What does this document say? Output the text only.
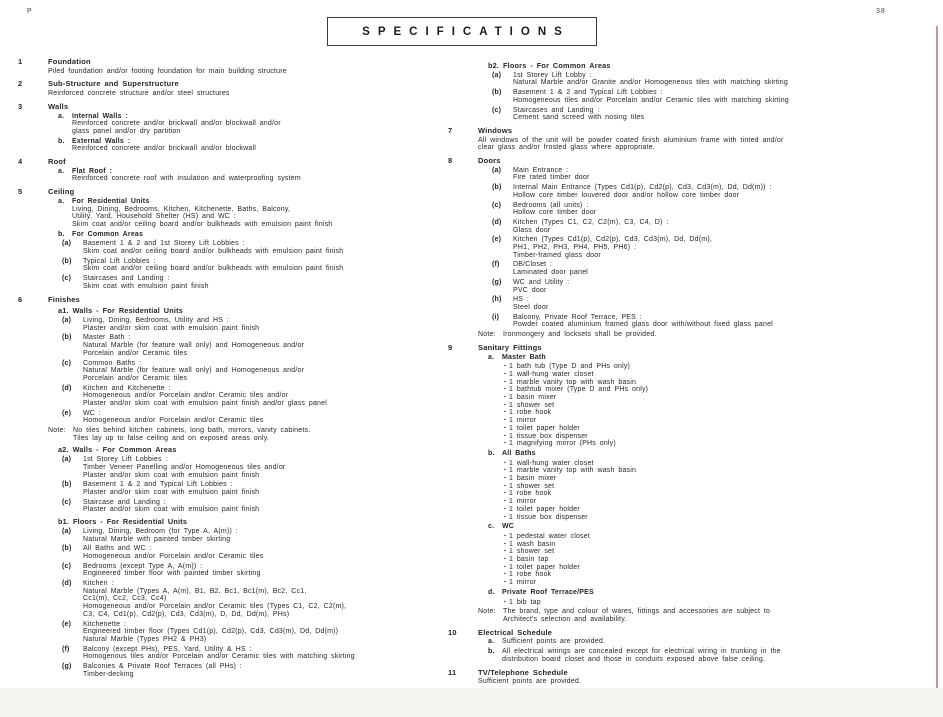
P	38
SPECIFICATIONS
1	Foundation
Piled foundation and/or footing foundation for main building structure
2	Sub-Structure and Superstructure
Reinforced concrete structure and/or steel structures
3	Walls
a.	Internal Walls :
Reinforced concrete and/or brickwall and/or blockwall and/or
glass panel and/or dry partition
b.	External Walls :
Reinforced concrete and/or brickwall and/or blockwall
4	Roof
a.	Flat Roof :
Reinforced concrete roof with insulation and waterproofing system
5	Ceiling
a.	For Residential Units
Living, Dining, Bedrooms, Kitchen, Kitchenette, Baths, Balcony,
Utility, Yard, Household Shelter (HS) and WC :
Skim coat and/or ceiling board and/or bulkheads with emulsion paint finish
b.	For Common Areas
(a)	Basement 1 & 2 and 1st Storey Lift Lobbies :
Skim coat and/or ceiling board and/or bulkheads with emulsion paint finish
(b)	Typical Lift Lobbies :
Skim coat and/or ceiling board and/or bulkheads with emulsion paint finish
(c)	Staircases and Landing :
Skim coat with emulsion paint finish
6	Finishes
a1. Walls - For Residential Units
(a)	Living, Dining, Bedrooms, Utility and HS :
Plaster and/or skim coat with emulsion paint finish
(b)	Master Bath :
Natural Marble (for feature wall only) and Homogeneous and/or
Porcelain and/or Ceramic tiles
(c)	Common Baths :
Natural Marble (for feature wall only) and Homogeneous and/or
Porcelain and/or Ceramic tiles
(d)	Kitchen and Kitchenette :
Homogeneous and/or Porcelain and/or Ceramic tiles and/or
Plaster and/or skim coat with emulsion paint finish and/or glass panel
(e)	WC :
Homogeneous and/or Porcelain and/or Ceramic tiles
Note:	No tiles behind kitchen cabinets, long bath, mirrors, vanity cabinets.
Tiles lay up to false ceiling and on exposed areas only.
a2. Walls - For Common Areas
(a)	1st Storey Lift Lobbies :
Timber Veneer Panelling and/or Homogeneous tiles and/or
Plaster and/or skim coat with emulsion paint finish
(b)	Basement 1 & 2 and Typical Lift Lobbies :
Plaster and/or skim coat with emulsion paint finish
(c)	Staircase and Landing :
Plaster and/or skim coat with emulsion paint finish
b1. Floors - For Residential Units
(a)	Living, Dining, Bedroom (for Type A, A(m)) :
Natural Marble with painted timber skirting
(b)	All Baths and WC :
Homogeneous and/or Porcelain and/or Ceramic tiles
(c)	Bedrooms (except Type A, A(m)) :
Engineered timber floor with painted timber skirting
(d)	Kitchen :
Natural Marble (Types A, A(m), B1, B2, Bc1, Bc1(m), Bc2, Cc1,
Cc1(m), Cc2, Cc3, Cc4)
Homogeneous and/or Porcelain and/or Ceramic tiles (Types C1, C2, C2(m),
C3, C4, Cd1(p), Cd2(p), Cd3, Cd3(m), D, Dd, Dd(m), PHs)
(e)	Kitchenette :
Engineered timber floor (Types Cd1(p), Cd2(p), Cd3, Cd3(m), Dd, Dd(m))
Natural Marble (Types PH2 & PH3)
(f)	Balcony (except PHs), PES, Yard, Utility & HS :
Homogenous tiles and/or Porcelain and/or Ceramic tiles with matching skirting
(g)	Balconies & Private Roof Terraces (all PHs) :
Timber-decking
b2. Floors - For Common Areas
(a)	1st Storey Lift Lobby :
Natural Marble and/or Granite and/or Homogeneous tiles with matching skirting
(b)	Basement 1 & 2 and Typical Lift Lobbies :
Homogeneous tiles and/or Porcelain and/or Ceramic tiles with matching skirting
(c)	Staircases and Landing :
Cement sand screed with nosing tiles
7	Windows
All windows of the unit will be powder coated finish aluminium frame with tinted and/or
clear glass and/or frosted glass where appropriate.
8	Doors
(a)	Main Entrance :
Fire rated timber door
(b)	Internal Main Entrance (Types Cd1(p), Cd2(p), Cd3, Cd3(m), Dd, Dd(m)) :
Hollow core timber louvered door and/or hollow core timber door
(c)	Bedrooms (all units) :
Hollow core timber door
(d)	Kitchen (Types C1, C2, C2(m), C3, C4, D) :
Glass door
(e)	Kitchen (Types Cd1(p), Cd2(p), Cd3, Cd3(m), Dd, Dd(m),
PH1, PH2, PH3, PH4, PH5, PH6) :
Timber-framed glass door
(f)	DB/Closet :
Laminated door panel
(g)	WC and Utility :
PVC door
(h)	HS :
Steel door
(i)	Balcony, Private Roof Terrace, PES :
Powder coated aluminium framed glass door with/without fixed glass panel
Note:	Ironmongery and locksets shall be provided.
9	Sanitary Fittings
a.	Master Bath
▪ 1 bath tub (Type D and PHs only)
▪ 1 wall-hung water closet
▪ 1 marble vanity top with wash basin
▪ 1 bathtub mixer (Type D and PHs only)
▪ 1 basin mixer
▪ 1 shower set
▪ 1 robe hook
▪ 1 mirror
▪ 1 toilet paper holder
▪ 1 tissue box dispenser
▪ 1 magnifying mirror (PHs only)
b.	All Baths
▪ 1 wall-hung water closet
▪ 1 marble vanity top with wash basin
▪ 1 basin mixer
▪ 1 shower set
▪ 1 robe hook
▪ 1 mirror
▪ 1 toilet paper holder
▪ 1 tissue box dispenser
c.	WC
▪ 1 pedestal water closet
▪ 1 wash basin
▪ 1 shower set
▪ 1 basin tap
▪ 1 toilet paper holder
▪ 1 robe hook
▪ 1 mirror
d.	Private Roof Terrace/PES
▪ 1 bib tap
Note:	The brand, type and colour of wares, fittings and accessories are subject to
Architect's selection and availability.
10	Electrical Schedule
a.	Sufficient points are provided.
b.	All electrical wirings are concealed except for electrical wiring in trunking in the
distribution board closet and those in conduits exposed above false ceiling.
11	TV/Telephone Schedule
Sufficient points are provided.
